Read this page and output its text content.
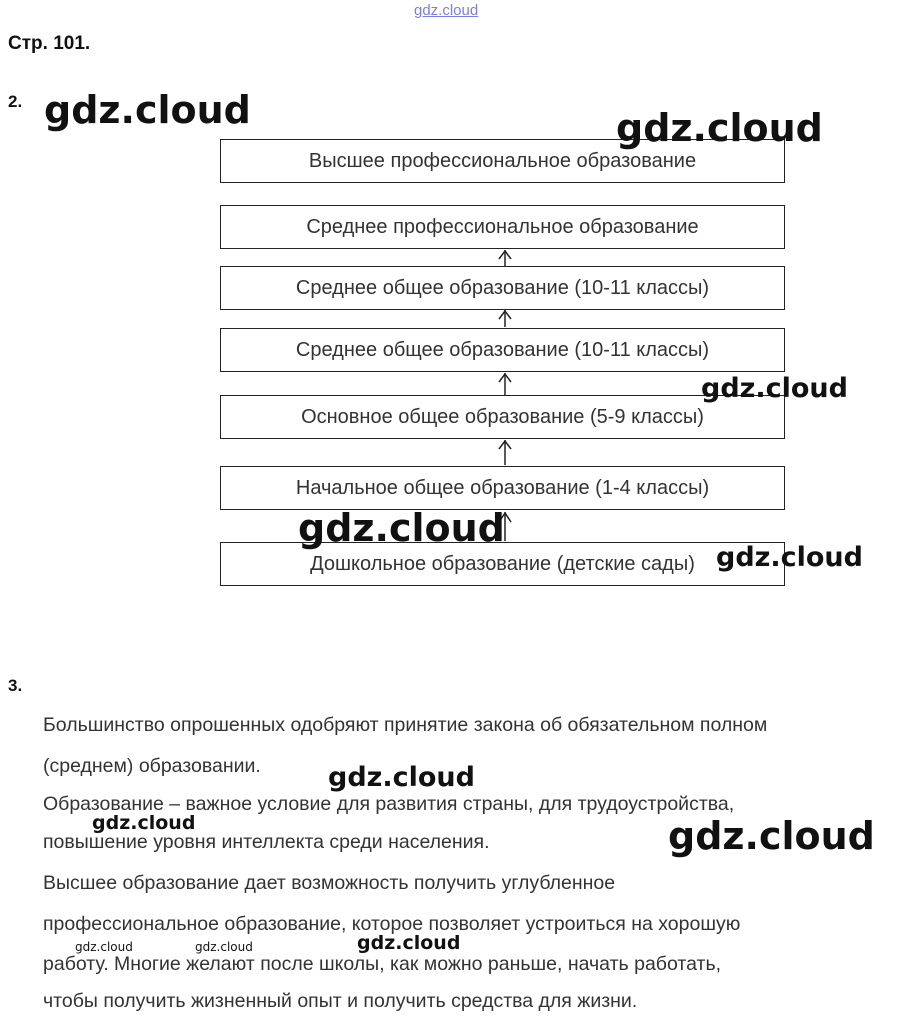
gdz.cloud
Стр. 101.
2.
Высшее профессиональное образование
Среднее профессиональное образование
Среднее общее образование (10-11 классы)
Среднее общее образование (10-11 классы)
Основное общее образование (5-9 классы)
Начальное общее образование (1-4 классы)
Дошкольное образование (детские сады)
3.
Большинство опрошенных одобряют принятие закона об обязательном полном
(среднем) образовании.
Образование – важное условие для развития страны, для трудоустройства,
повышение уровня интеллекта среди населения.
Высшее образование дает возможность получить углубленное
профессиональное образование, которое позволяет устроиться на хорошую
работу. Многие желают после школы, как можно раньше, начать работать,
чтобы получить жизненный опыт и получить средства для жизни.
gdz.cloud	gdz.cloud
gdz.cloud
gdz.cloud
gdz.cloud
gdz.cloud
gdz.cloud	gdz.cloud
gdz.cloud	gdz.cloud	gdz.cloud
